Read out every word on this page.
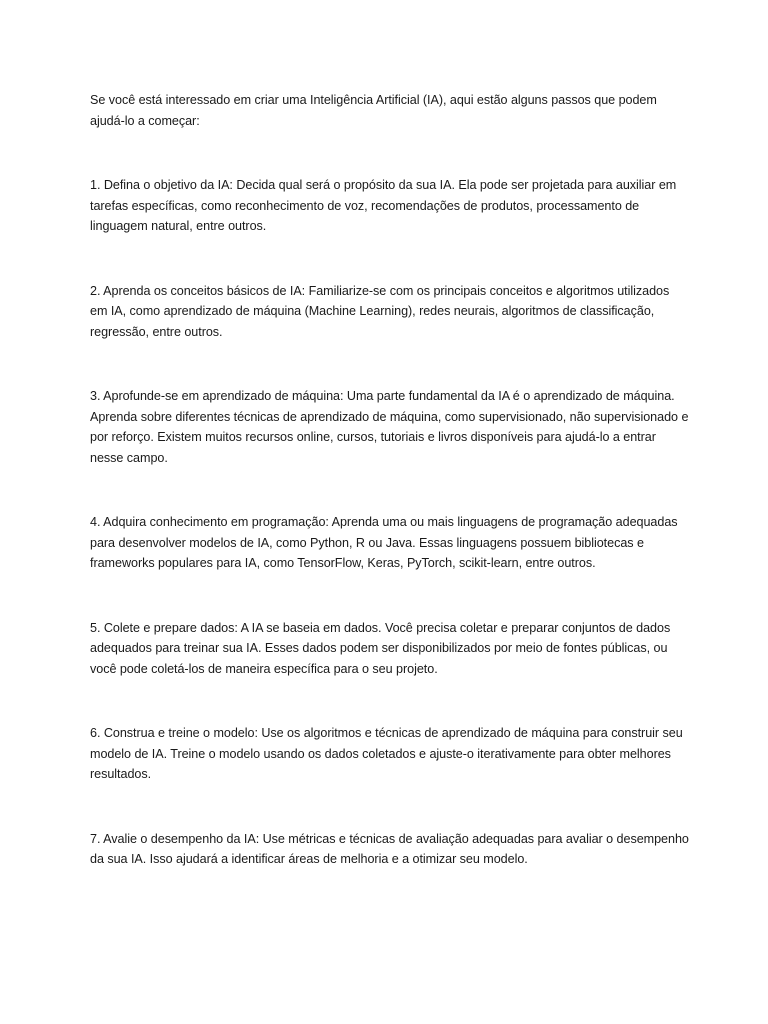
Se você está interessado em criar uma Inteligência Artificial (IA), aqui estão alguns passos que podem ajudá-lo a começar:

1. Defina o objetivo da IA: Decida qual será o propósito da sua IA. Ela pode ser projetada para auxiliar em tarefas específicas, como reconhecimento de voz, recomendações de produtos, processamento de linguagem natural, entre outros.

2. Aprenda os conceitos básicos de IA: Familiarize-se com os principais conceitos e algoritmos utilizados em IA, como aprendizado de máquina (Machine Learning), redes neurais, algoritmos de classificação, regressão, entre outros.

3. Aprofunde-se em aprendizado de máquina: Uma parte fundamental da IA é o aprendizado de máquina. Aprenda sobre diferentes técnicas de aprendizado de máquina, como supervisionado, não supervisionado e por reforço. Existem muitos recursos online, cursos, tutoriais e livros disponíveis para ajudá-lo a entrar nesse campo.

4. Adquira conhecimento em programação: Aprenda uma ou mais linguagens de programação adequadas para desenvolver modelos de IA, como Python, R ou Java. Essas linguagens possuem bibliotecas e frameworks populares para IA, como TensorFlow, Keras, PyTorch, scikit-learn, entre outros.

5. Colete e prepare dados: A IA se baseia em dados. Você precisa coletar e preparar conjuntos de dados adequados para treinar sua IA. Esses dados podem ser disponibilizados por meio de fontes públicas, ou você pode coletá-los de maneira específica para o seu projeto.

6. Construa e treine o modelo: Use os algoritmos e técnicas de aprendizado de máquina para construir seu modelo de IA. Treine o modelo usando os dados coletados e ajuste-o iterativamente para obter melhores resultados.

7. Avalie o desempenho da IA: Use métricas e técnicas de avaliação adequadas para avaliar o desempenho da sua IA. Isso ajudará a identificar áreas de melhoria e a otimizar seu modelo.
